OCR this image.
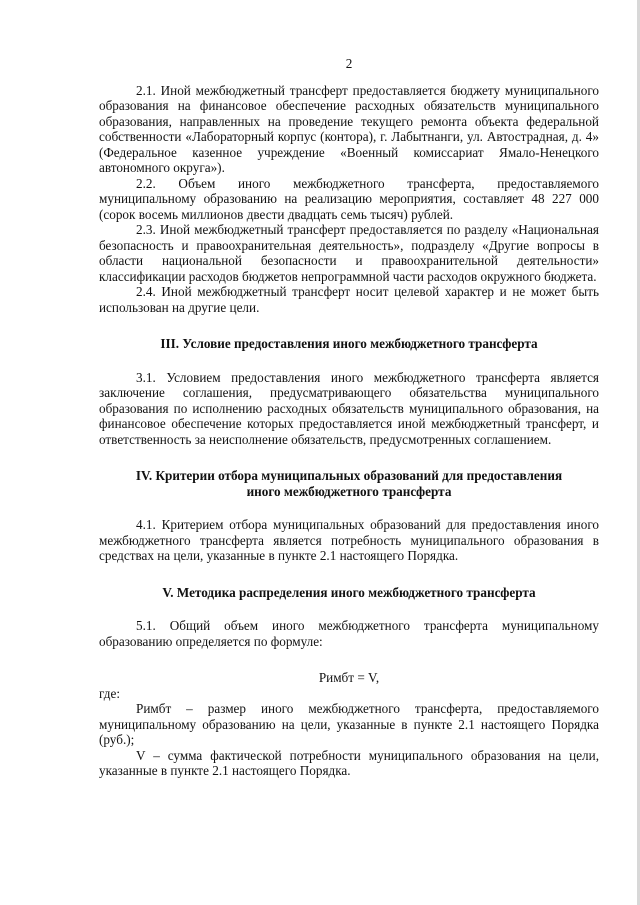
2

2.1. Иной межбюджетный трансферт предоставляется бюджету муниципального образования на финансовое обеспечение расходных обязательств муниципального образования, направленных на проведение текущего ремонта объекта федеральной собственности «Лабораторный корпус (контора), г. Лабытнанги, ул. Автострадная, д. 4» (Федеральное казенное учреждение «Военный комиссариат Ямало-Ненецкого автономного округа»).

2.2. Объем иного межбюджетного трансферта, предоставляемого муниципальному образованию на реализацию мероприятия, составляет 48 227 000 (сорок восемь миллионов двести двадцать семь тысяч) рублей.

2.3. Иной межбюджетный трансферт предоставляется по разделу «Национальная безопасность и правоохранительная деятельность», подразделу «Другие вопросы в области национальной безопасности и правоохранительной деятельности» классификации расходов бюджетов непрограммной части расходов окружного бюджета.

2.4. Иной межбюджетный трансферт носит целевой характер и не может быть использован на другие цели.

III. Условие предоставления иного межбюджетного трансферта

3.1. Условием предоставления иного межбюджетного трансферта является заключение соглашения, предусматривающего обязательства муниципального образования по исполнению расходных обязательств муниципального образования, на финансовое обеспечение которых предоставляется иной межбюджетный трансферт, и ответственность за неисполнение обязательств, предусмотренных соглашением.

IV. Критерии отбора муниципальных образований для предоставления
иного межбюджетного трансферта

4.1. Критерием отбора муниципальных образований для предоставления иного межбюджетного трансферта является потребность муниципального образования в средствах на цели, указанные в пункте 2.1 настоящего Порядка.

V. Методика распределения иного межбюджетного трансферта

5.1. Общий объем иного межбюджетного трансферта муниципальному образованию определяется по формуле:

Римбт = V,

где:

Римбт – размер иного межбюджетного трансферта, предоставляемого муниципальному образованию на цели, указанные в пункте 2.1 настоящего Порядка (руб.);

V – сумма фактической потребности муниципального образования на цели, указанные в пункте 2.1 настоящего Порядка.
